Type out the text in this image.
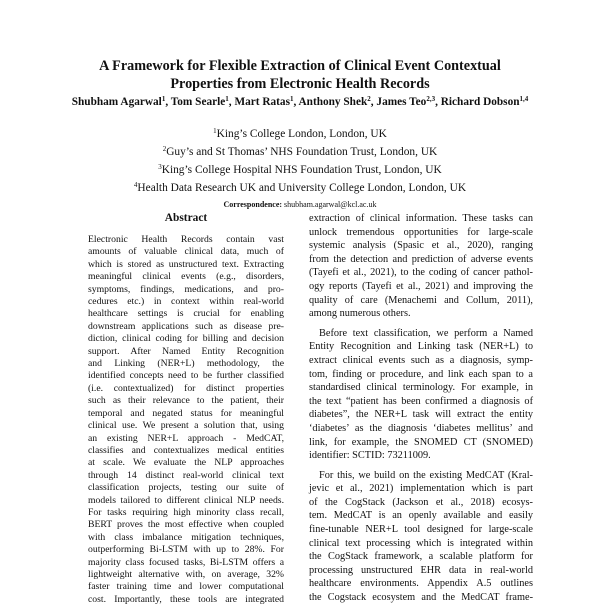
A Framework for Flexible Extraction of Clinical Event Contextual
Properties from Electronic Health Records
Shubham Agarwal$^1$, Tom Searle$^1$, Mart Ratas$^1$, Anthony Shek$^2$, James Teo$^{2,3}$, Richard Dobson$^{1,4}$
$^1$King’s College London, London, UK
$^2$Guy’s and St Thomas’ NHS Foundation Trust, London, UK
$^3$King’s College Hospital NHS Foundation Trust, London, UK
$^4$Health Data Research UK and University College London, London, UK
Correspondence: shubham.agarwal@kcl.ac.uk
Abstract
Electronic Health Records contain vast
amounts of valuable clinical data, much of
which is stored as unstructured text. Extracting
meaningful clinical events (e.g., disorders,
symptoms, findings, medications, and pro-
cedures etc.) in context within real-world
healthcare settings is crucial for enabling
downstream applications such as disease pre-
diction, clinical coding for billing and decision
support. After Named Entity Recognition
and Linking (NER+L) methodology, the
identified concepts need to be further classified
(i.e. contextualized) for distinct properties
such as their relevance to the patient, their
temporal and negated status for meaningful
clinical use. We present a solution that, using
an existing NER+L approach - MedCAT,
classifies and contextualizes medical entities
at scale. We evaluate the NLP approaches
through 14 distinct real-world clinical text
classification projects, testing our suite of
models tailored to different clinical NLP needs.
For tasks requiring high minority class recall,
BERT proves the most effective when coupled
with class imbalance mitigation techniques,
outperforming Bi-LSTM with up to 28%. For
majority class focused tasks, Bi-LSTM offers a
lightweight alternative with, on average, 32%
faster training time and lower computational
cost. Importantly, these tools are integrated
extraction of clinical information. These tasks can
unlock tremendous opportunities for large-scale
systemic analysis (Spasic et al., 2020), ranging
from the detection and prediction of adverse events
(Tayefi et al., 2021), to the coding of cancer pathol-
ogy reports (Tayefi et al., 2021) and improving the
quality of care (Menachemi and Collum, 2011),
among numerous others.
Before text classification, we perform a Named
Entity Recognition and Linking task (NER+L) to
extract clinical events such as a diagnosis, symp-
tom, finding or procedure, and link each span to a
standardised clinical terminology. For example, in
the text “patient has been confirmed a diagnosis of
diabetes”, the NER+L task will extract the entity
‘diabetes’ as the diagnosis ‘diabetes mellitus’ and
link, for example, the SNOMED CT (SNOMED)
identifier: SCTID: 73211009.
For this, we build on the existing MedCAT (Kral-
jevic et al., 2021) implementation which is part
of the CogStack (Jackson et al., 2018) ecosys-
tem. MedCAT is an openly available and easily
fine-tunable NER+L tool designed for large-scale
clinical text processing which is integrated within
the CogStack framework, a scalable platform for
processing unstructured EHR data in real-world
healthcare environments. Appendix A.5 outlines
the Cogstack ecosystem and the MedCAT frame-
